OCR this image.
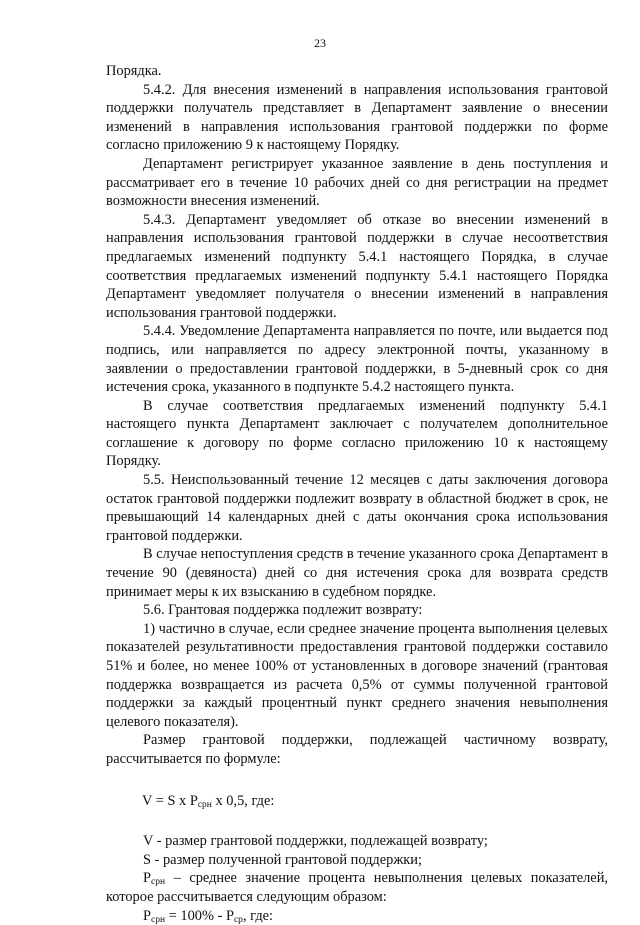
23

Порядка.

5.4.2. Для внесения изменений в направления использования грантовой поддержки получатель представляет в Департамент заявление о внесении изменений в направления использования грантовой поддержки по форме согласно приложению 9 к настоящему Порядку.

Департамент регистрирует указанное заявление в день поступления и рассматривает его в течение 10 рабочих дней со дня регистрации на предмет возможности внесения изменений.

5.4.3. Департамент уведомляет об отказе во внесении изменений в направления использования грантовой поддержки в случае несоответствия предлагаемых изменений подпункту 5.4.1 настоящего Порядка, в случае соответствия предлагаемых изменений подпункту 5.4.1 настоящего Порядка Департамент уведомляет получателя о внесении изменений в направления использования грантовой поддержки.

5.4.4. Уведомление Департамента направляется по почте, или выдается под подпись, или направляется по адресу электронной почты, указанному в заявлении о предоставлении грантовой поддержки, в 5-дневный срок со дня истечения срока, указанного в подпункте 5.4.2 настоящего пункта.

В случае соответствия предлагаемых изменений подпункту 5.4.1 настоящего пункта Департамент заключает с получателем дополнительное соглашение к договору по форме согласно приложению 10 к настоящему Порядку.

5.5. Неиспользованный течение 12 месяцев с даты заключения договора остаток грантовой поддержки подлежит возврату в областной бюджет в срок, не превышающий 14 календарных дней с даты окончания срока использования грантовой поддержки.

В случае непоступления средств в течение указанного срока Департамент в течение 90 (девяноста) дней со дня истечения срока для возврата средств принимает меры к их взысканию в судебном порядке.

5.6. Грантовая поддержка подлежит возврату:

1) частично в случае, если среднее значение процента выполнения целевых показателей результативности предоставления грантовой поддержки составило 51% и более, но менее 100% от установленных в договоре значений (грантовая поддержка возвращается из расчета 0,5% от суммы полученной грантовой поддержки за каждый процентный пункт среднего значения невыполнения целевого показателя).

Размер грантовой поддержки, подлежащей частичному возврату, рассчитывается по формуле:

V = S x $P_{срн}$ x 0,5, где:

V - размер грантовой поддержки, подлежащей возврату;

S - размер полученной грантовой поддержки;

$P_{срн}$ – среднее значение процента невыполнения целевых показателей, которое рассчитывается следующим образом:

$P_{срн} = 100\% - P_{ср}$, где:
